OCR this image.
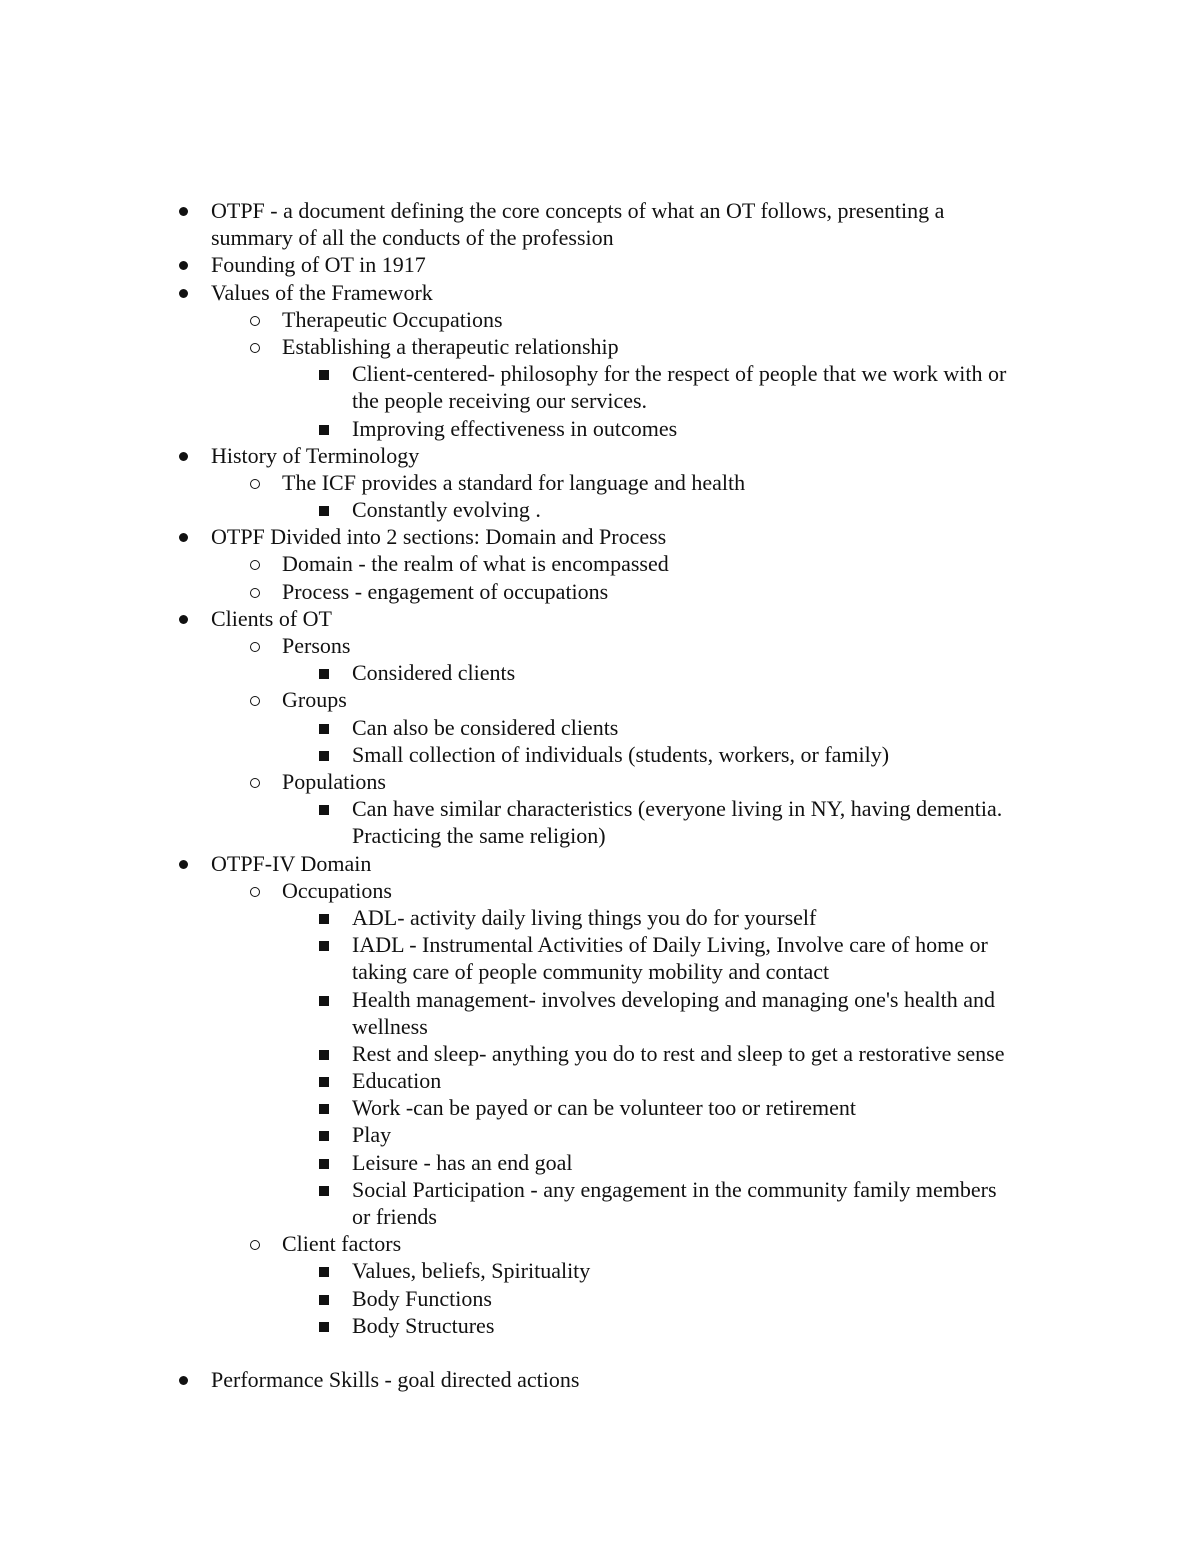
OTPF - a document defining the core concepts of what an OT follows, presenting a
summary of all the conducts of the profession
Founding of OT in 1917
Values of the Framework
Therapeutic Occupations
Establishing a therapeutic relationship
Client-centered- philosophy for the respect of people that we work with or
the people receiving our services.
Improving effectiveness in outcomes
History of Terminology
The ICF provides a standard for language and health
Constantly evolving .
OTPF Divided into 2 sections: Domain and Process
Domain - the realm of what is encompassed
Process - engagement of occupations
Clients of OT
Persons
Considered clients
Groups
Can also be considered clients
Small collection of individuals (students, workers, or family)
Populations
Can have similar characteristics (everyone living in NY, having dementia.
Practicing the same religion)
OTPF-IV Domain
Occupations
ADL- activity daily living things you do for yourself
IADL - Instrumental Activities of Daily Living, Involve care of home or
taking care of people community mobility and contact
Health management- involves developing and managing one's health and
wellness
Rest and sleep- anything you do to rest and sleep to get a restorative sense
Education
Work -can be payed or can be volunteer too or retirement
Play
Leisure - has an end goal
Social Participation - any engagement in the community family members
or friends
Client factors
Values, beliefs, Spirituality
Body Functions
Body Structures
Performance Skills - goal directed actions
